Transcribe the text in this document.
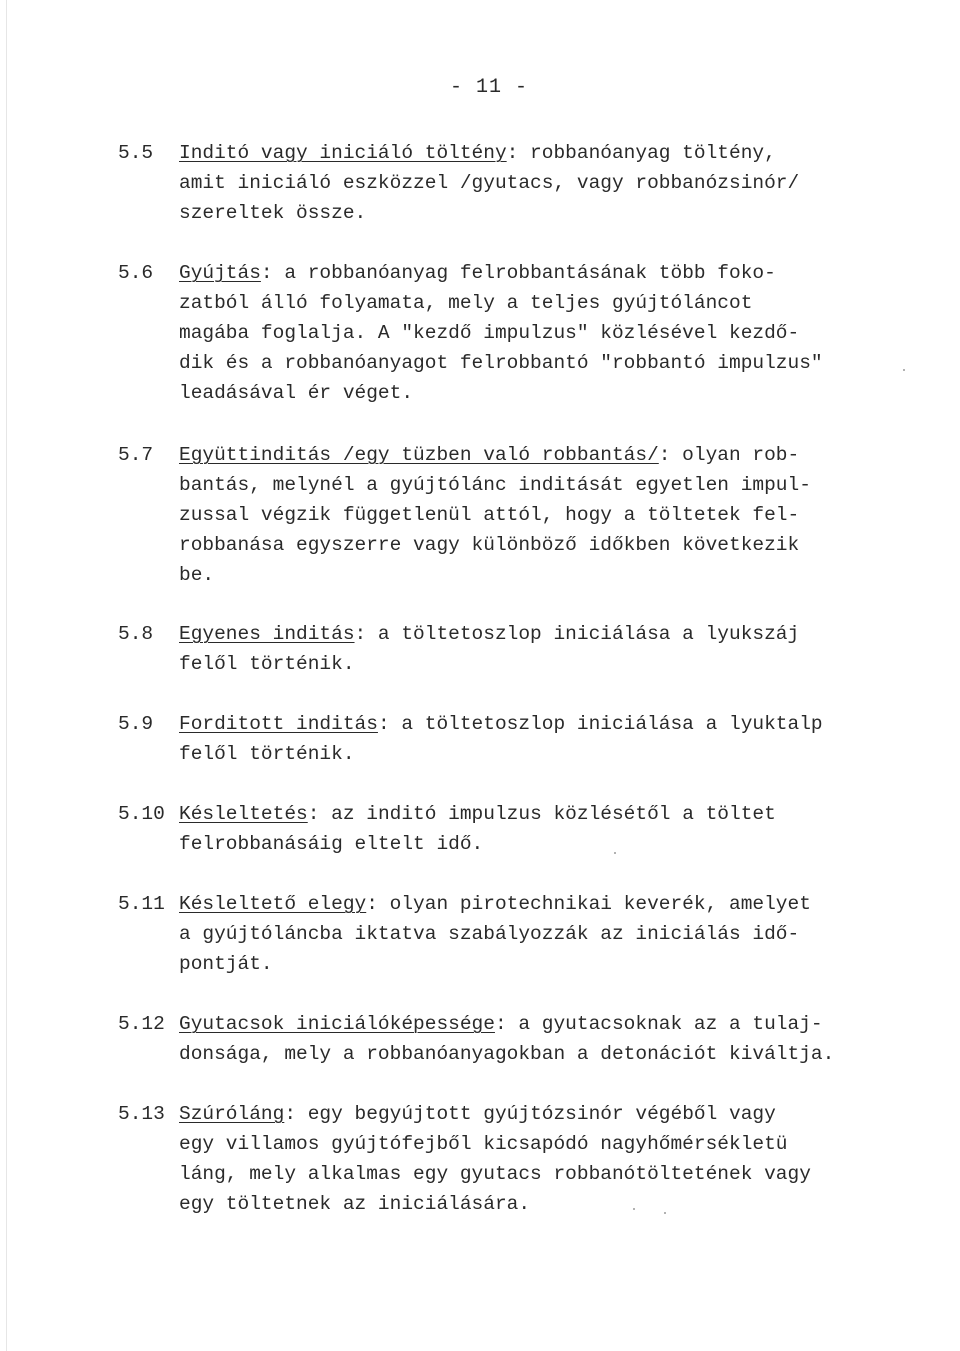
- 11 -
5.5 Inditó vagy iniciáló töltény: robbanóanyag töltény,
amit iniciáló eszközzel /gyutacs, vagy robbanózsinór/
szereltek össze.
5.6 Gyújtás: a robbanóanyag felrobbantásának több foko-
zatból álló folyamata, mely a teljes gyújtóláncot
magába foglalja. A "kezdő impulzus" közlésével kezdő-
dik és a robbanóanyagot felrobbantó "robbantó impulzus"
leadásával ér véget.
5.7 Együttinditás /egy tüzben való robbantás/: olyan rob-
bantás, melynél a gyújtólánc inditását egyetlen impul-
zussal végzik függetlenül attól, hogy a töltetek fel-
robbanása egyszerre vagy különböző időkben következik
be.
5.8 Egyenes inditás: a töltetoszlop iniciálása a lyukszáj
felől történik.
5.9 Forditott inditás: a töltetoszlop iniciálása a lyuktalp
felől történik.
5.10 Késleltetés: az inditó impulzus közlésétől a töltet
felrobbanásáig eltelt idő.
5.11 Késleltető elegy: olyan pirotechnikai keverék, amelyet
a gyújtóláncba iktatva szabályozzák az iniciálás idő-
pontját.
5.12 Gyutacsok iniciálóképessége: a gyutacsoknak az a tulaj-
donsága, mely a robbanóanyagokban a detonációt kiváltja.
5.13 Szúróláng: egy begyújtott gyújtózsinór végéből vagy
egy villamos gyújtófejből kicsapódó nagyhőmérsékletü
láng, mely alkalmas egy gyutacs robbanótöltetének vagy
egy töltetnek az iniciálására.
